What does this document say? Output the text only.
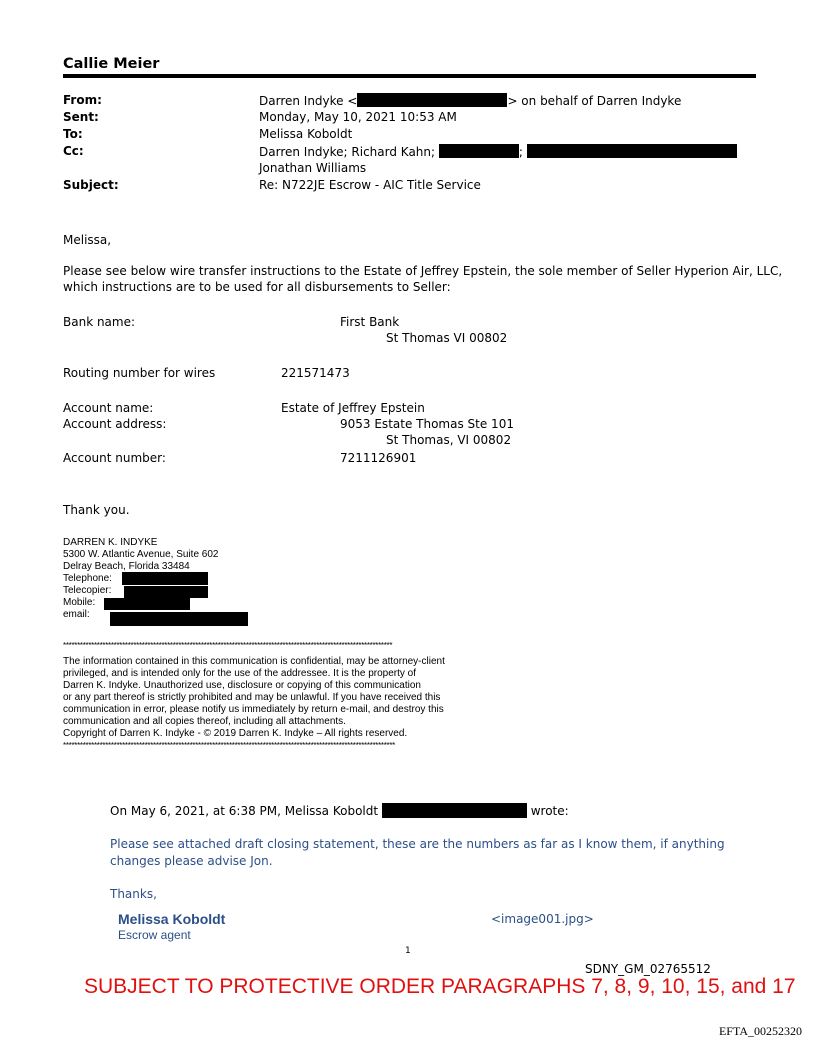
Callie Meier
From:	Darren Indyke <	> on behalf of Darren Indyke
Sent:	Monday, May 10, 2021 10:53 AM
To:	Melissa Koboldt
Cc:	Darren Indyke; Richard Kahn;	;
Jonathan Williams
Subject:	Re: N722JE Escrow - AIC Title Service
Melissa,
Please see below wire transfer instructions to the Estate of Jeffrey Epstein, the sole member of Seller Hyperion Air, LLC,
which instructions are to be used for all disbursements to Seller:
Bank name:	First Bank
St Thomas VI 00802
Routing number for wires	221571473
Account name:	Estate of Jeffrey Epstein
Account address:	9053 Estate Thomas Ste 101
St Thomas, VI 00802
Account number:	7211126901
Thank you.
DARREN K. INDYKE
5300 W. Atlantic Avenue, Suite 602
Delray Beach, Florida 33484
Telephone:
Telecopier:
Mobile:
email:
*********************************************************************************************************************
The information contained in this communication is confidential, may be attorney-client
privileged, and is intended only for the use of the addressee. It is the property of
Darren K. Indyke. Unauthorized use, disclosure or copying of this communication
or any part thereof is strictly prohibited and may be unlawful. If you have received this
communication in error, please notify us immediately by return e-mail, and destroy this
communication and all copies thereof, including all attachments.
Copyright of Darren K. Indyke - © 2019 Darren K. Indyke – All rights reserved.
**********************************************************************************************************************
On May 6, 2021, at 6:38 PM, Melissa Koboldt	wrote:
Please see attached draft closing statement, these are the numbers as far as I know them, if anything
changes please advise Jon.
Thanks,
Melissa Koboldt
Escrow agent
<image001.jpg>
1
SDNY_GM_02765512
SUBJECT TO PROTECTIVE ORDER PARAGRAPHS 7, 8, 9, 10, 15, and 17
EFTA_00252320
